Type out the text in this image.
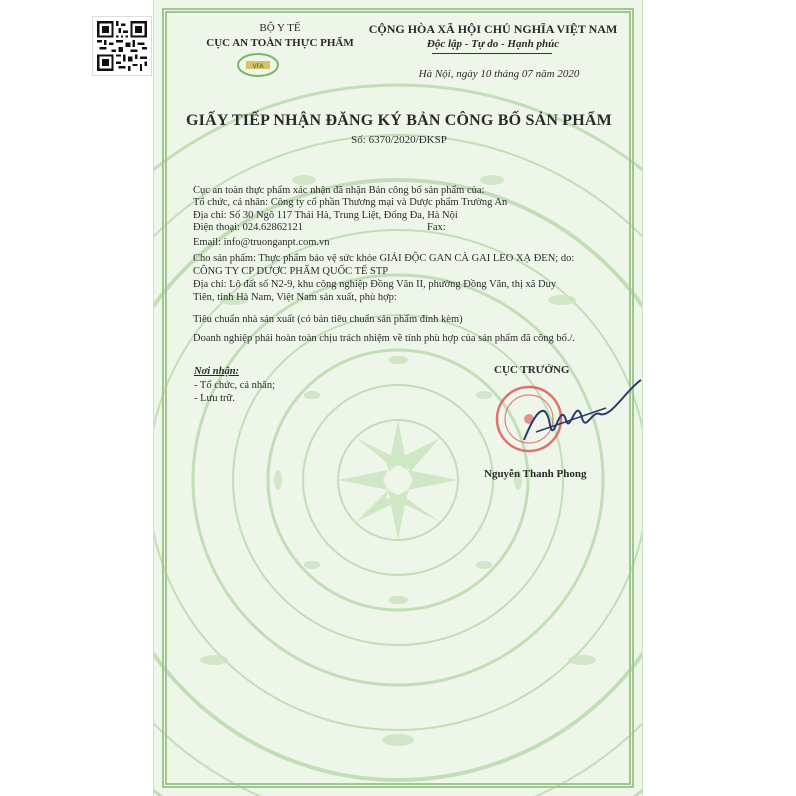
BỘ Y TẾ

CỤC AN TOÀN THỰC PHẨM

VFA

CỘNG HÒA XÃ HỘI CHỦ NGHĨA VIỆT NAM

Độc lập - Tự do - Hạnh phúc

Hà Nội, ngày 10 tháng 07 năm 2020

GIẤY TIẾP NHẬN ĐĂNG KÝ BẢN CÔNG BỐ SẢN PHẨM

Số: 6370/2020/ĐKSP

Cục an toàn thực phẩm xác nhận đã nhận Bản công bố sản phẩm của:

Tổ chức, cá nhân: Công ty cổ phần Thương mại và Dược phẩm Trường An

Địa chỉ: Số 30 Ngõ 117 Thái Hà, Trung Liệt, Đống Đa, Hà Nội

Điện thoại: 024.62862121	Fax:

Email: info@truonganpt.com.vn

Cho sản phẩm: Thực phẩm bảo vệ sức khỏe GIẢI ĐỘC GAN CÀ GAI LEO XẠ ĐEN; do:

CÔNG TY CP DƯỢC PHẨM QUỐC TẾ STP

Địa chỉ: Lô đất số N2-9, khu công nghiệp Đồng Văn II, phường Đồng Văn, thị xã Duy

Tiên, tỉnh Hà Nam, Việt Nam sản xuất, phù hợp:

Tiêu chuẩn nhà sản xuất (có bản tiêu chuẩn sản phẩm đính kèm)

Doanh nghiệp phải hoàn toàn chịu trách nhiệm về tính phù hợp của sản phẩm đã công bố./.

Nơi nhận:

- Tổ chức, cá nhân;

- Lưu trữ.

CỤC TRƯỞNG

Nguyễn Thanh Phong
